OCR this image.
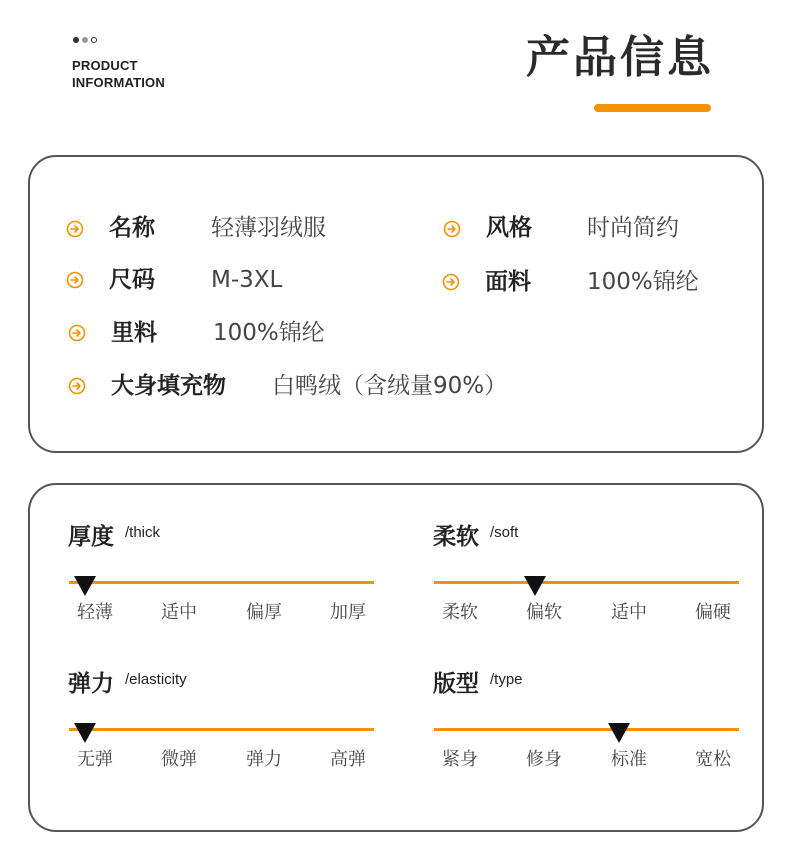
PRODUCT
INFORMATION	产品信息
名称 轻薄羽绒服	风格 时尚简约
尺码 M-3XL	面料 100%锦纶
里料 100%锦纶
大身填充物 白鸭绒（含绒量90%）
厚度 /thick
轻薄	适中	偏厚	加厚
柔软 /soft
柔软	偏软	适中	偏硬
弹力 /elasticity
无弹	微弹	弹力	高弹
版型 /type
紧身	修身	标准	宽松
